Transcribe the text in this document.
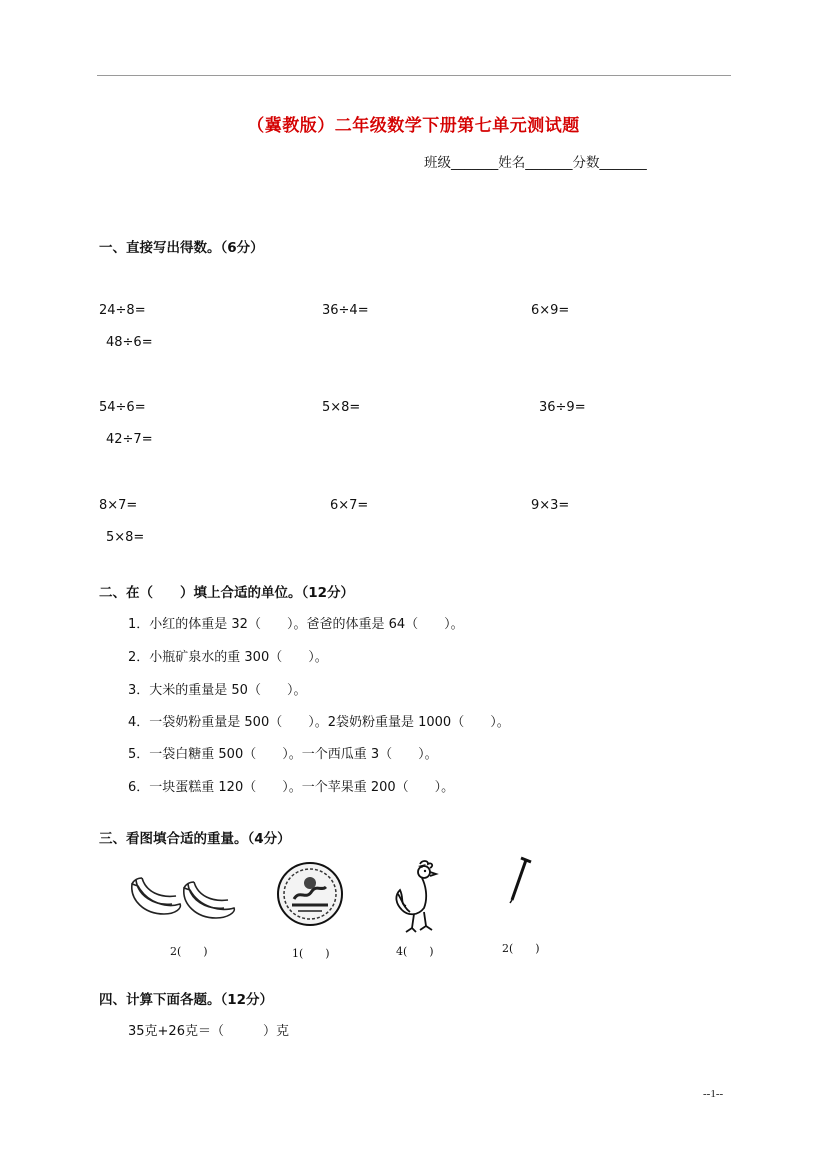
（冀教版）二年级数学下册第七单元测试题
班级_______姓名_______分数_______
一、直接写出得数。（6分）
24÷8=	36÷4=	6×9=
48÷6=
54÷6=	5×8=	36÷9=
42÷7=
8×7=	6×7=	9×3=
5×8=
二、在（　　）填上合适的单位。（12分）
1．小红的体重是 32（　　）。爸爸的体重是 64（　　）。
2．小瓶矿泉水的重 300（　　）。
3．大米的重量是 50（　　）。
4．一袋奶粉重量是 500（　　）。2袋奶粉重量是 1000（　　）。
5．一袋白糖重 500（　　）。一个西瓜重 3（　　）。
6．一块蛋糕重 120（　　）。一个苹果重 200（　　）。
三、看图填合适的重量。（4分）
2(　　)	1(　　)	4(　　)	2(　　)
四、计算下面各题。（12分）
35克+26克＝（　　　）克
--1--
